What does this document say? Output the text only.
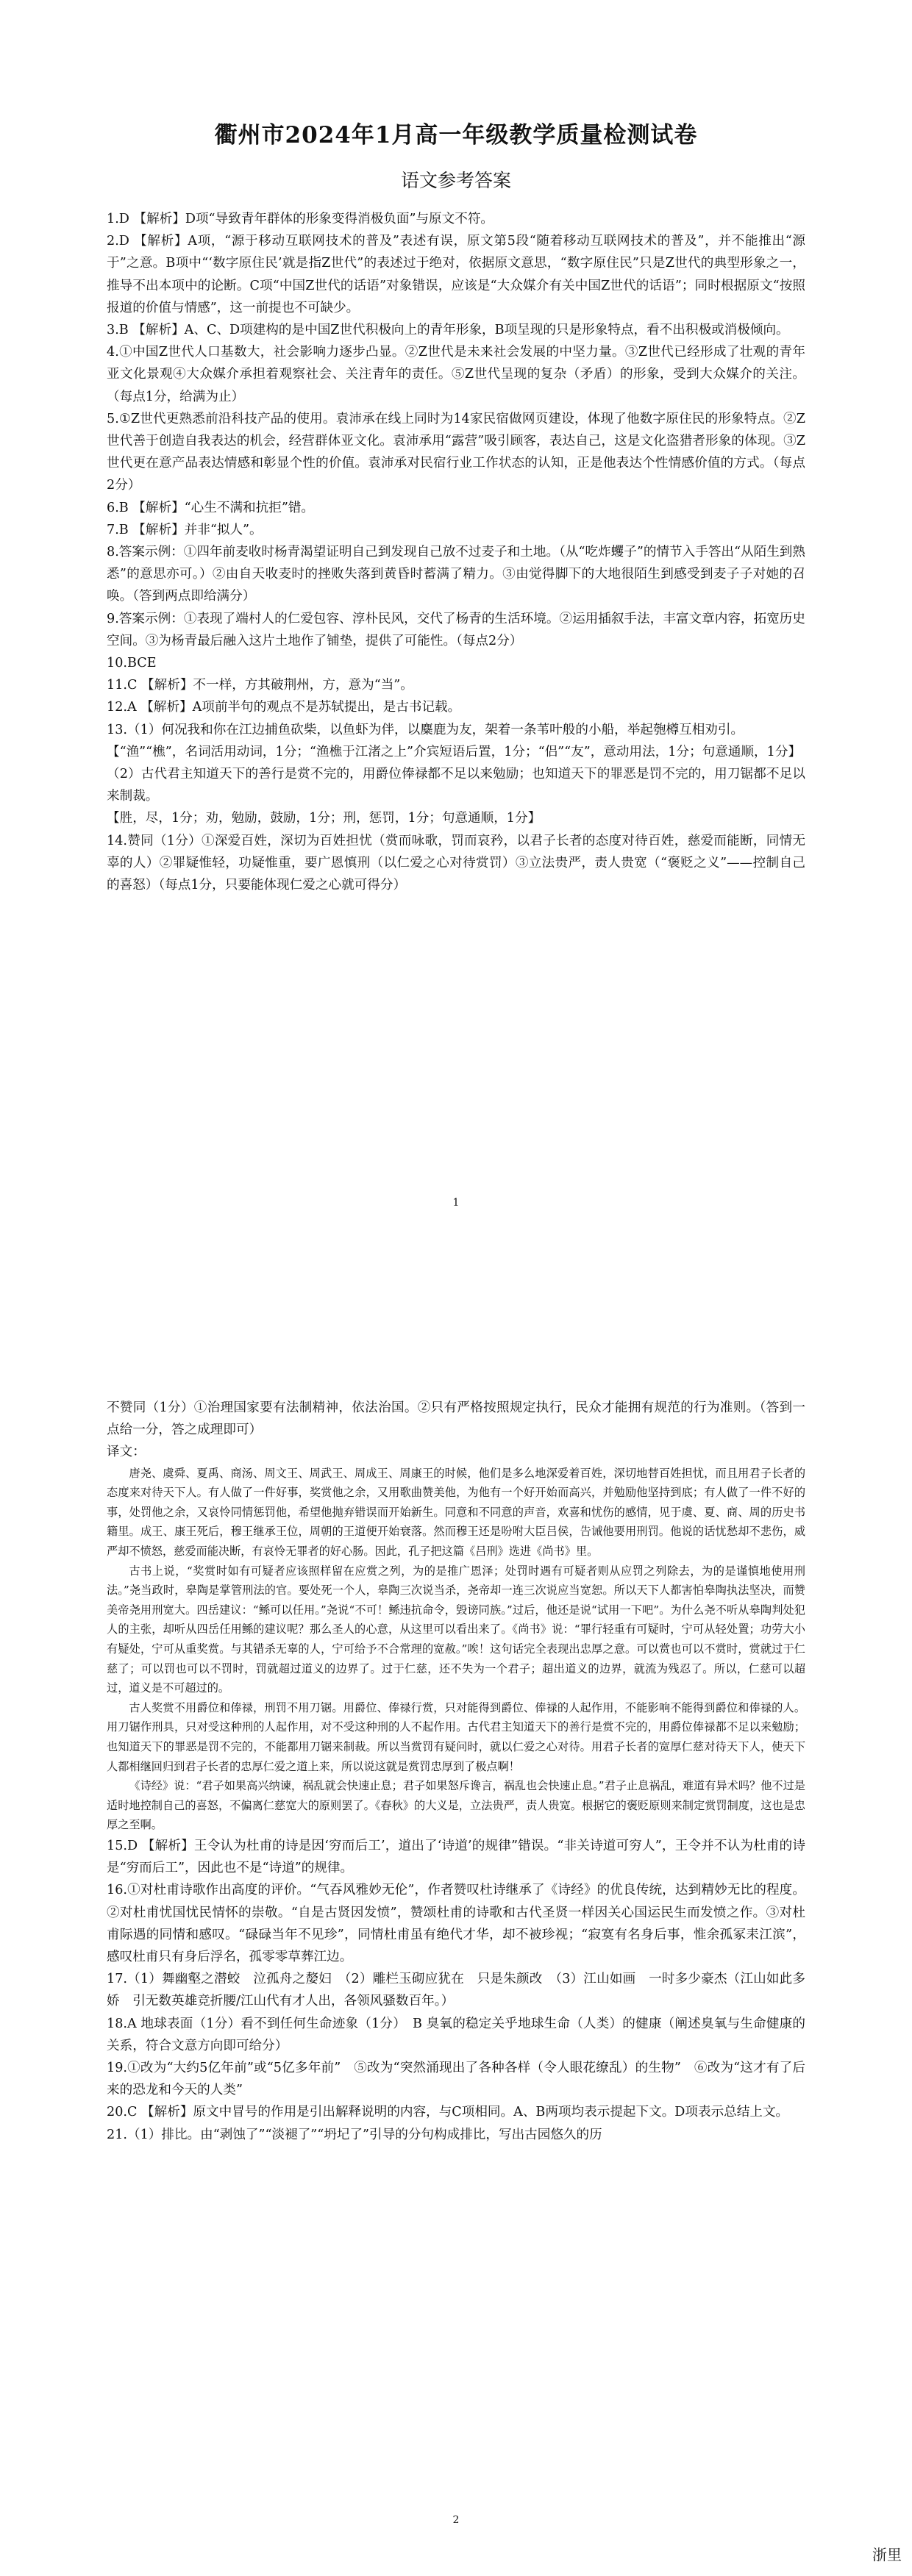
衢州市2024年1月高一年级教学质量检测试卷
语文参考答案

1.D 【解析】D项“导致青年群体的形象变得消极负面”与原文不符。

2.D 【解析】A项，“源于移动互联网技术的普及”表述有误，原文第5段“随着移动互联网技术的普及”，并不能推出“源于”之意。B项中“‘数字原住民’就是指Z世代”的表述过于绝对，依据原文意思，“数字原住民”只是Z世代的典型形象之一，推导不出本项中的论断。C项“中国Z世代的话语”对象错误，应该是“大众媒介有关中国Z世代的话语”；同时根据原文“按照报道的价值与情感”，这一前提也不可缺少。

3.B 【解析】A、C、D项建构的是中国Z世代积极向上的青年形象，B项呈现的只是形象特点，看不出积极或消极倾向。

4.①中国Z世代人口基数大，社会影响力逐步凸显。②Z世代是未来社会发展的中坚力量。③Z世代已经形成了壮观的青年亚文化景观④大众媒介承担着观察社会、关注青年的责任。⑤Z世代呈现的复杂（矛盾）的形象，受到大众媒介的关注。（每点1分，给满为止）

5.①Z世代更熟悉前沿科技产品的使用。袁沛承在线上同时为14家民宿做网页建设，体现了他数字原住民的形象特点。②Z世代善于创造自我表达的机会，经营群体亚文化。袁沛承用“露营”吸引顾客，表达自己，这是文化盗猎者形象的体现。③Z世代更在意产品表达情感和彰显个性的价值。袁沛承对民宿行业工作状态的认知，正是他表达个性情感价值的方式。（每点2分）

6.B 【解析】“心生不满和抗拒”错。

7.B 【解析】并非“拟人”。

8.答案示例：①四年前麦收时杨青渴望证明自己到发现自己放不过麦子和土地。（从“吃炸蠼子”的情节入手答出“从陌生到熟悉”的意思亦可。）②由自天收麦时的挫败失落到黄昏时蓄满了精力。③由觉得脚下的大地很陌生到感受到麦子子对她的召唤。（答到两点即给满分）

9.答案示例：①表现了端村人的仁爱包容、淳朴民风，交代了杨青的生活环境。②运用插叙手法，丰富文章内容，拓宽历史空间。③为杨青最后融入这片土地作了铺垫，提供了可能性。（每点2分）

10.BCE

11.C 【解析】不一样，方其破荆州，方，意为“当”。

12.A 【解析】A项前半句的观点不是苏轼提出，是古书记载。

13.（1）何况我和你在江边捕鱼砍柴，以鱼虾为伴，以麋鹿为友，架着一条苇叶般的小船，举起匏樽互相劝引。

【“渔”“樵”，名词活用动词，1分；“渔樵于江渚之上”介宾短语后置，1分；“侣”“友”，意动用法，1分；句意通顺，1分】

（2）古代君主知道天下的善行是赏不完的，用爵位俸禄都不足以来勉励；也知道天下的罪恶是罚不完的，用刀锯都不足以来制裁。

【胜，尽，1分；劝，勉励，鼓励，1分；刑，惩罚，1分；句意通顺，1分】

14.赞同（1分）①深爱百姓，深切为百姓担忧（赏而咏歌，罚而哀矜，以君子长者的态度对待百姓，慈爱而能断，同情无辜的人）②罪疑惟轻，功疑惟重，要广恩慎刑（以仁爱之心对待赏罚）③立法贵严，责人贵宽（“褒贬之义”——控制自己的喜怒）（每点1分，只要能体现仁爱之心就可得分）

1

不赞同（1分）①治理国家要有法制精神，依法治国。②只有严格按照规定执行，民众才能拥有规范的行为准则。（答到一点给一分，答之成理即可）

译文：

唐尧、虞舜、夏禹、商汤、周文王、周武王、周成王、周康王的时候，他们是多么地深爱着百姓，深切地替百姓担忧，而且用君子长者的态度来对待天下人。有人做了一件好事，奖赏他之余，又用歌曲赞美他，为他有一个好开始而高兴，并勉励他坚持到底；有人做了一件不好的事，处罚他之余，又哀怜同情惩罚他，希望他抛弃错误而开始新生。同意和不同意的声音，欢喜和忧伤的感情，见于虞、夏、商、周的历史书籍里。成王、康王死后，穆王继承王位，周朝的王道便开始衰落。然而穆王还是吩咐大臣吕侯，告诫他要用刑罚。他说的话忧愁却不悲伤，威严却不愤怒，慈爱而能决断，有哀怜无罪者的好心肠。因此，孔子把这篇《吕刑》选进《尚书》里。

古书上说，“奖赏时如有可疑者应该照样留在应赏之列，为的是推广恩泽；处罚时遇有可疑者则从应罚之列除去，为的是谨慎地使用刑法。”尧当政时，皋陶是掌管刑法的官。要处死一个人，皋陶三次说当杀，尧帝却一连三次说应当宽恕。所以天下人都害怕皋陶执法坚决，而赞美帝尧用刑宽大。四岳建议：“鲧可以任用。”尧说“不可！鲧违抗命令，毁谤同族。”过后，他还是说“试用一下吧”。为什么尧不听从皋陶判处犯人的主张，却听从四岳任用鲧的建议呢？那么圣人的心意，从这里可以看出来了。《尚书》说：“罪行轻重有可疑时，宁可从轻处置；功劳大小有疑处，宁可从重奖赏。与其错杀无辜的人，宁可给予不合常理的宽赦。”唉！这句话完全表现出忠厚之意。可以赏也可以不赏时，赏就过于仁慈了；可以罚也可以不罚时，罚就超过道义的边界了。过于仁慈，还不失为一个君子；超出道义的边界，就流为残忍了。所以，仁慈可以超过，道义是不可超过的。

古人奖赏不用爵位和俸禄，刑罚不用刀锯。用爵位、俸禄行赏，只对能得到爵位、俸禄的人起作用，不能影响不能得到爵位和俸禄的人。用刀锯作刑具，只对受这种刑的人起作用，对不受这种刑的人不起作用。古代君主知道天下的善行是赏不完的，用爵位俸禄都不足以来勉励；也知道天下的罪恶是罚不完的，不能都用刀锯来制裁。所以当赏罚有疑问时，就以仁爱之心对待。用君子长者的宽厚仁慈对待天下人，使天下人都相继回归到君子长者的忠厚仁爱之道上来，所以说这就是赏罚忠厚到了极点啊！

《诗经》说：“君子如果高兴纳谏，祸乱就会快速止息；君子如果怒斥谗言，祸乱也会快速止息。”君子止息祸乱，难道有异术吗？他不过是适时地控制自己的喜怒，不偏离仁慈宽大的原则罢了。《春秋》的大义是，立法贵严，责人贵宽。根据它的褒贬原则来制定赏罚制度，这也是忠厚之至啊。

15.D 【解析】王令认为杜甫的诗是因‘穷而后工’，道出了‘诗道’的规律”错误。“非关诗道可穷人”，王令并不认为杜甫的诗是“穷而后工”，因此也不是“诗道”的规律。

16.①对杜甫诗歌作出高度的评价。“气吞风雅妙无伦”，作者赞叹杜诗继承了《诗经》的优良传统，达到精妙无比的程度。②对杜甫忧国忧民情怀的崇敬。“自是古贤因发愤”，赞颂杜甫的诗歌和古代圣贤一样因关心国运民生而发愤之作。③对杜甫际遇的同情和感叹。“碌碌当年不见珍”，同情杜甫虽有绝代才华，却不被珍视；“寂寞有名身后事，惟余孤冢耒江滨”，感叹杜甫只有身后浮名，孤零零草葬江边。

17.（1）舞幽壑之潜蛟　泣孤舟之嫠妇　（2）雕栏玉砌应犹在　只是朱颜改　（3）江山如画　一时多少豪杰（江山如此多娇　引无数英雄竞折腰/江山代有才人出，各领风骚数百年。）

18.A 地球表面（1分）看不到任何生命迹象（1分）　B 臭氧的稳定关乎地球生命（人类）的健康（阐述臭氧与生命健康的关系，符合文意方向即可给分）

19.①改为“大约5亿年前”或“5亿多年前”　⑤改为“突然涌现出了各种各样（令人眼花缭乱）的生物”　⑥改为“这才有了后来的恐龙和今天的人类”

20.C 【解析】原文中冒号的作用是引出解释说明的内容，与C项相同。A、B两项均表示提起下文。D项表示总结上文。

21.（1）排比。由“剥蚀了”“淡褪了”“坍圮了”引导的分句构成排比，写出古园悠久的历

2
浙里
